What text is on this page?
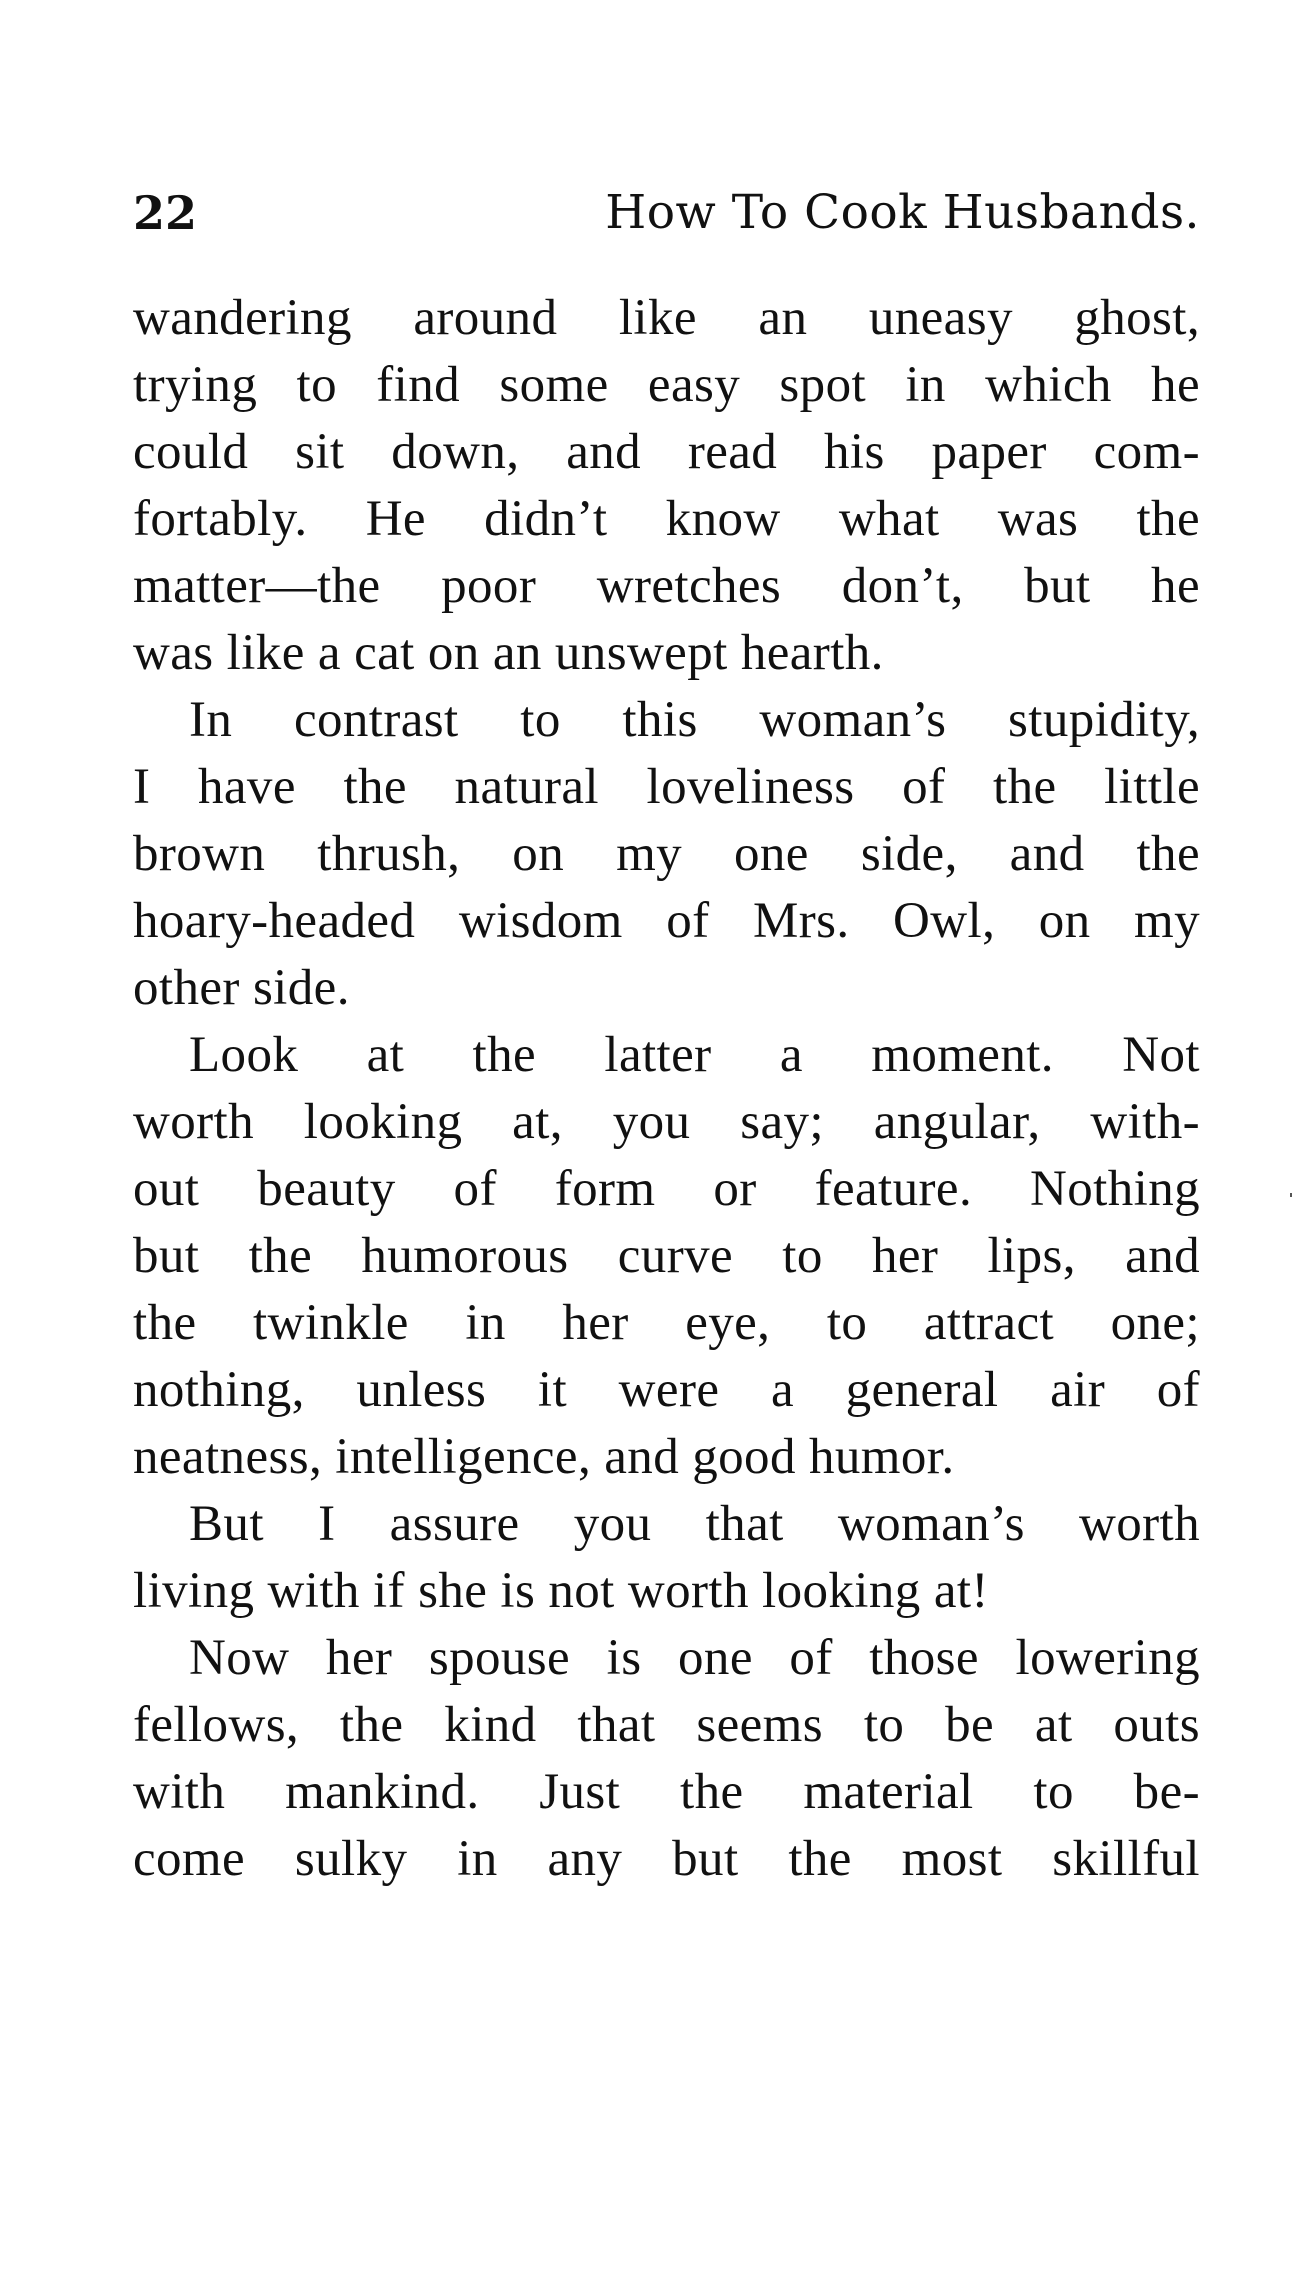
22	How To Cook Husbands.
wandering around like an uneasy ghost,
trying to find some easy spot in which he
could sit down, and read his paper com-
fortably. He didn’t know what was the
matter—the poor wretches don’t, but he
was like a cat on an unswept hearth.
In contrast to this woman’s stupidity,
I have the natural loveliness of the little
brown thrush, on my one side, and the
hoary-headed wisdom of Mrs. Owl, on my
other side.
Look at the latter a moment. Not
worth looking at, you say; angular, with-
out beauty of form or feature. Nothing
but the humorous curve to her lips, and
the twinkle in her eye, to attract one;
nothing, unless it were a general air of
neatness, intelligence, and good humor.
But I assure you that woman’s worth
living with if she is not worth looking at!
Now her spouse is one of those lowering
fellows, the kind that seems to be at outs
with mankind. Just the material to be-
come sulky in any but the most skillful
